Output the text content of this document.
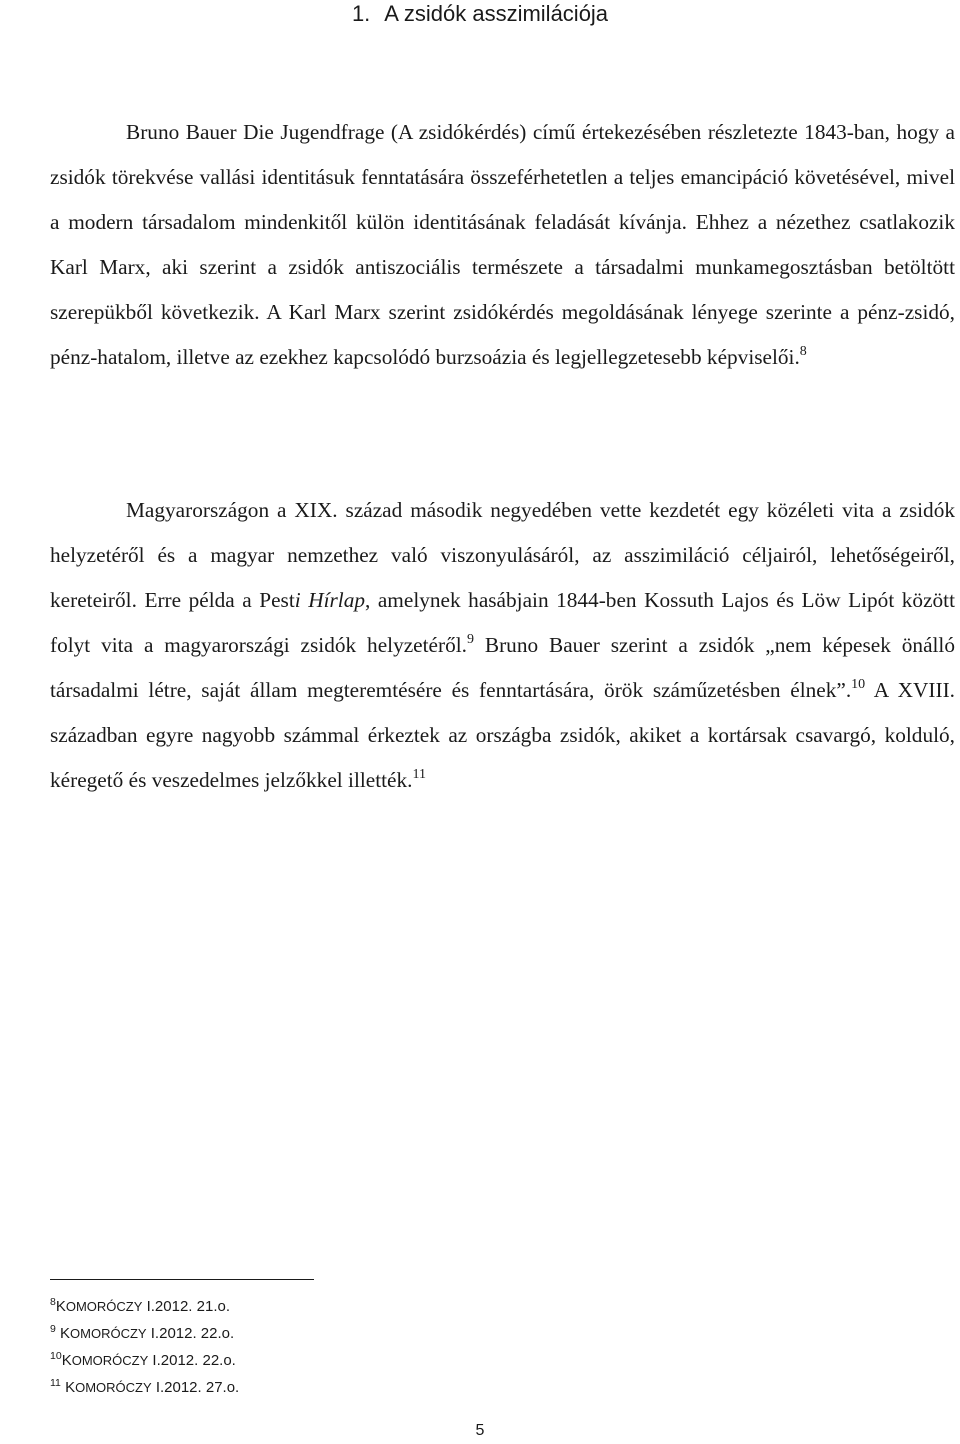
1. A zsidók asszimilációja

Bruno Bauer Die Jugendfrage (A zsidókérdés) című értekezésében részletezte 1843-ban, hogy a zsidók törekvése vallási identitásuk fenntatására összeférhetetlen a teljes emancipáció követésével, mivel a modern társadalom mindenkitől külön identitásának feladását kívánja. Ehhez a nézethez csatlakozik Karl Marx, aki szerint a zsidók antiszociális természete a társadalmi munkamegosztásban betöltött szerepükből következik. A Karl Marx szerint zsidókérdés megoldásának lényege szerinte a pénz-zsidó, pénz-hatalom, illetve az ezekhez kapcsolódó burzsoázia és legjellegzetesebb képviselői.$^8$

Magyarországon a XIX. század második negyedében vette kezdetét egy közéleti vita a zsidók helyzetéről és a magyar nemzethez való viszonyulásáról, az asszimiláció céljairól, lehetőségeiről, kereteiről. Erre példa a Pesti Hírlap, amelynek hasábjain 1844-ben Kossuth Lajos és Löw Lipót között folyt vita a magyarországi zsidók helyzetéről.$^9$ Bruno Bauer szerint a zsidók „nem képesek önálló társadalmi létre, saját állam megteremtésére és fenntartására, örök száműzetésben élnek”.$^{10}$ A XVIII. században egyre nagyobb számmal érkeztek az országba zsidók, akiket a kortársak csavargó, kolduló, kéregető és veszedelmes jelzőkkel illették.$^{11}$

$^8$KOMORÓCZY I.2012. 21.o.
$^9$ KOMORÓCZY I.2012. 22.o.
$^{10}$KOMORÓCZY I.2012. 22.o.
$^{11}$ KOMORÓCZY I.2012. 27.o.
5
